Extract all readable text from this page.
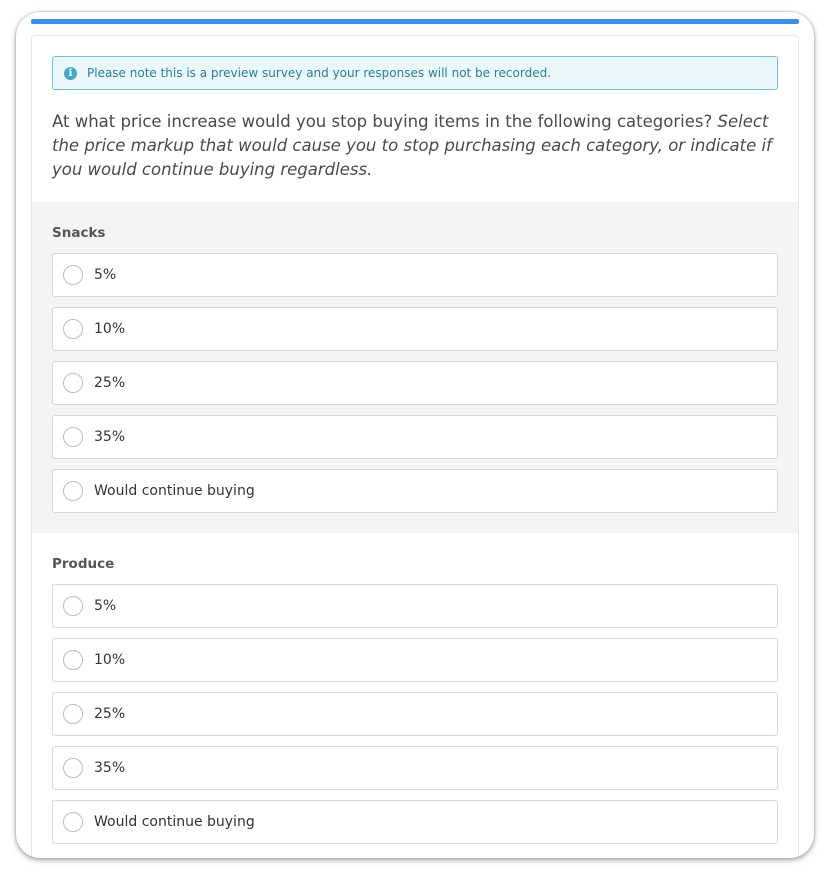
i	Please note this is a preview survey and your responses will not be recorded.
At what price increase would you stop buying items in the following categories? Select the price markup that would cause you to stop purchasing each category, or indicate if you would continue buying regardless.
Snacks
5%
10%
25%
35%
Would continue buying
Produce
5%
10%
25%
35%
Would continue buying
